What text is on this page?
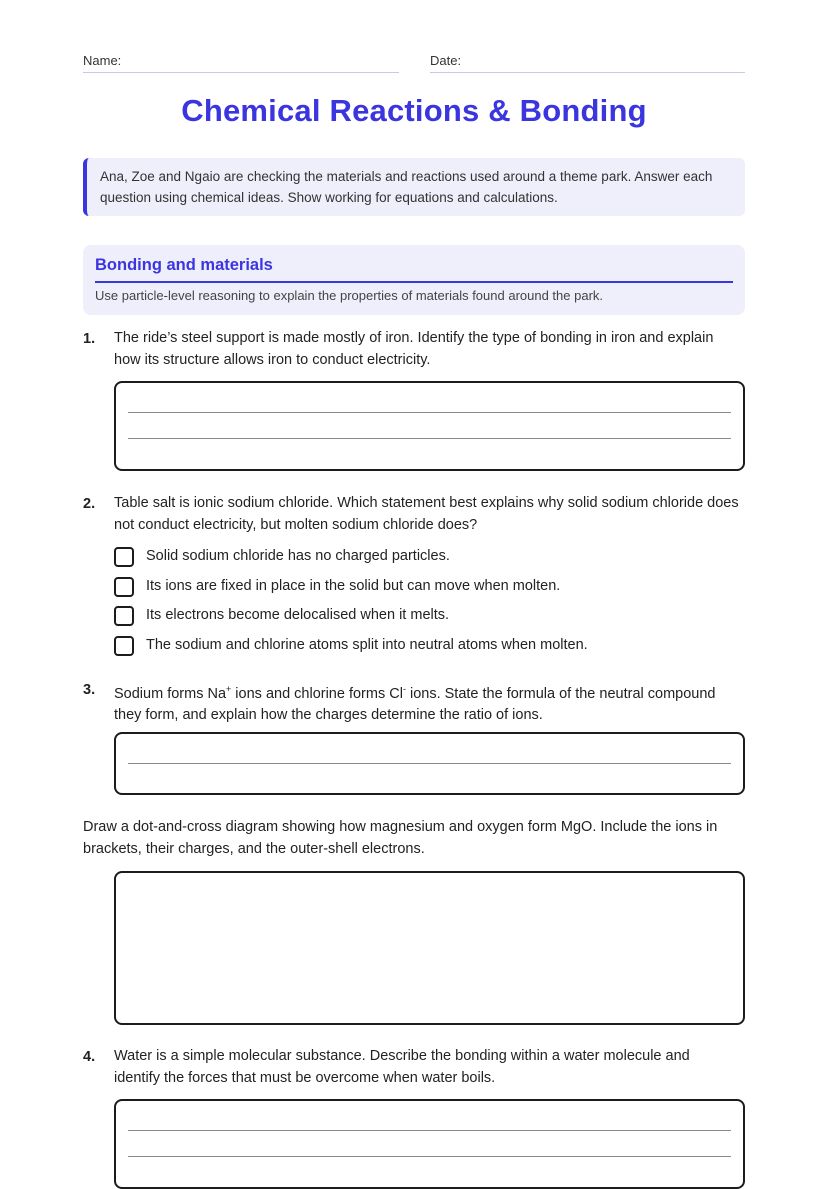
Name:	Date:
Chemical Reactions & Bonding

Ana, Zoe and Ngaio are checking the materials and reactions used around a theme park. Answer each question using chemical ideas. Show working for equations and calculations.

Bonding and materials
Use particle-level reasoning to explain the properties of materials found around the park.
1. The ride’s steel support is made mostly of iron. Identify the type of bonding in iron and explain how its structure allows iron to conduct electricity.

2. Table salt is ionic sodium chloride. Which statement best explains why solid sodium chloride does not conduct electricity, but molten sodium chloride does?

Solid sodium chloride has no charged particles.
Its ions are fixed in place in the solid but can move when molten.
Its electrons become delocalised when it melts.
The sodium and chlorine atoms split into neutral atoms when molten.
3. Sodium forms Na+ ions and chlorine forms Cl- ions. State the formula of the neutral compound they form, and explain how the charges determine the ratio of ions.

Draw a dot-and-cross diagram showing how magnesium and oxygen form MgO. Include the ions in brackets, their charges, and the outer-shell electrons.

4. Water is a simple molecular substance. Describe the bonding within a water molecule and identify the forces that must be overcome when water boils.
